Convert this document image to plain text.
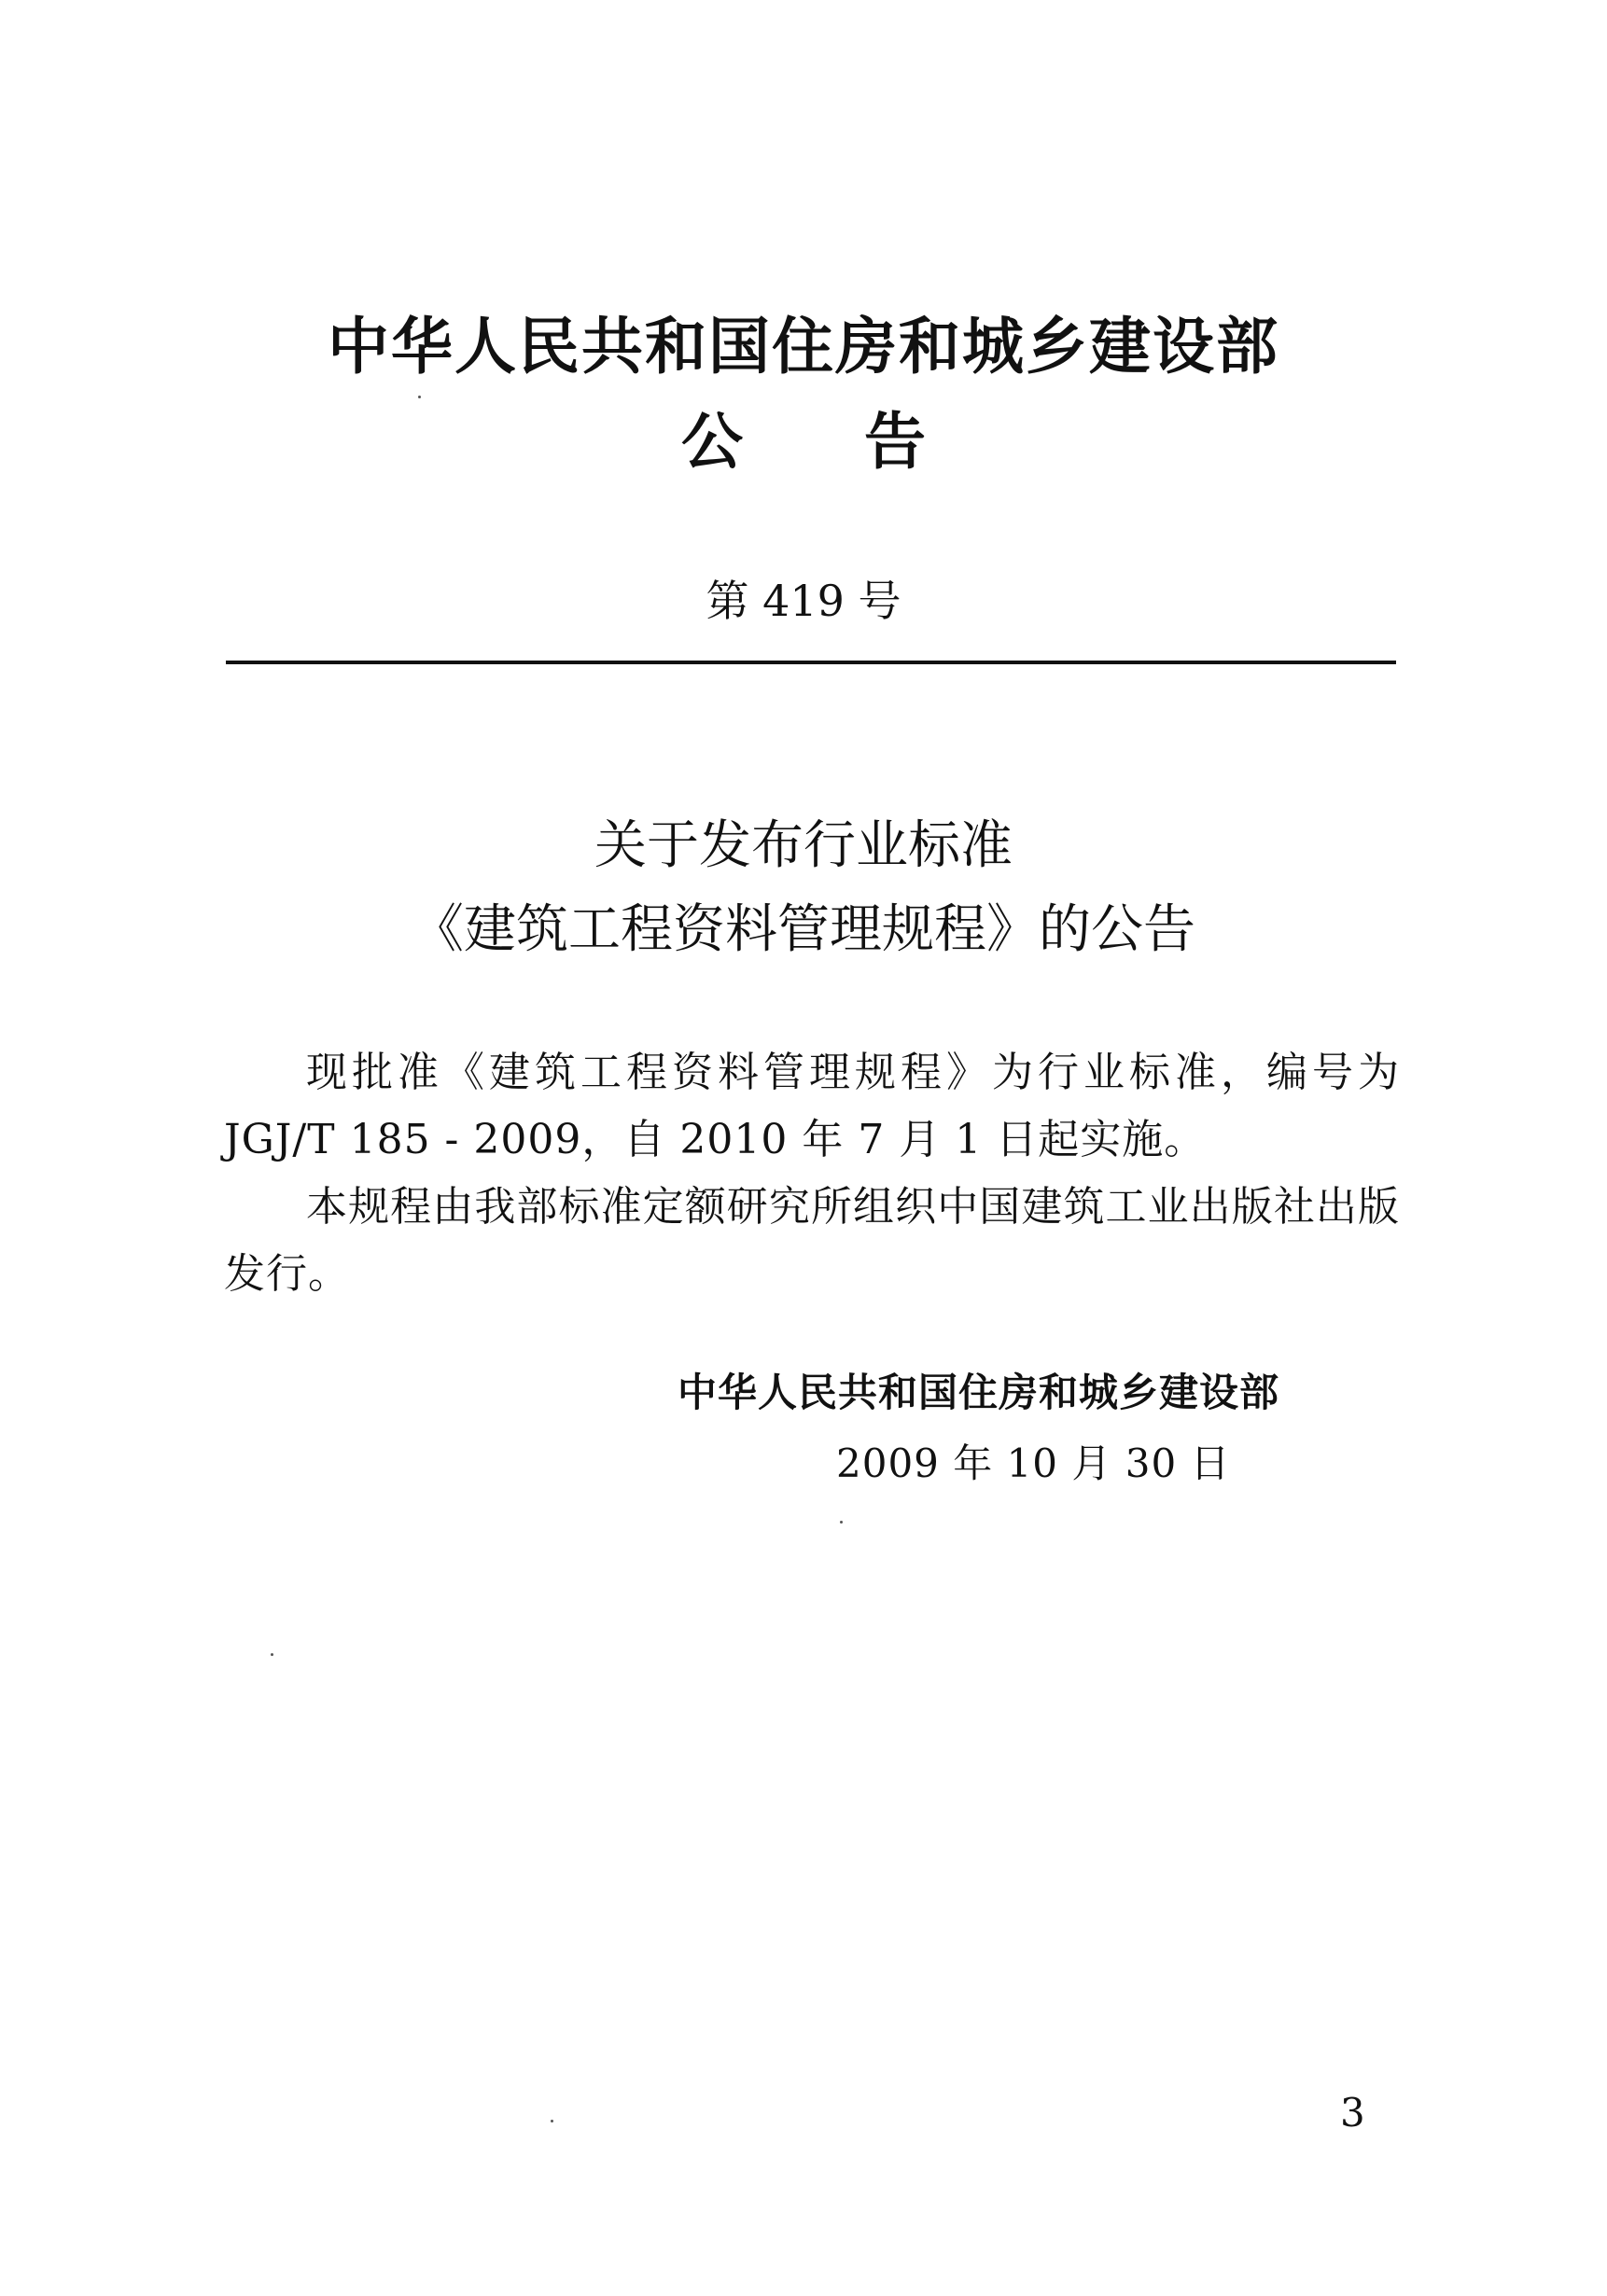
中华人民共和国住房和城乡建设部
公告
第 419 号
关于发布行业标准
《建筑工程资料管理规程》的公告
现批准《建筑工程资料管理规程》为行业标准，编号为 JGJ/T 185 - 2009，自 2010 年 7 月 1 日起实施。
本规程由我部标准定额研究所组织中国建筑工业出版社出版发行。
中华人民共和国住房和城乡建设部
2009 年 10 月 30 日
3
